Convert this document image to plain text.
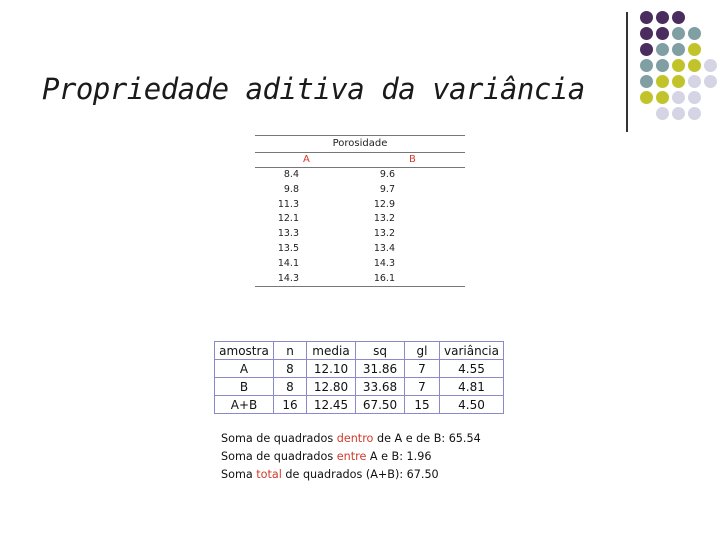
Propriedade aditiva da variância
Porosidade
A	B
8.4	9.6
9.8	9.7
11.3	12.9
12.1	13.2
13.3	13.2
13.5	13.4
14.1	14.3
14.3	16.1
amostra	n	media	sq	gl	variância
A	8	12.10	31.86	7	4.55
B	8	12.80	33.68	7	4.81
A+B	16	12.45	67.50	15	4.50
Soma de quadrados dentro de A e de B: 65.54
Soma de quadrados entre A e B: 1.96
Soma total de quadrados (A+B): 67.50
